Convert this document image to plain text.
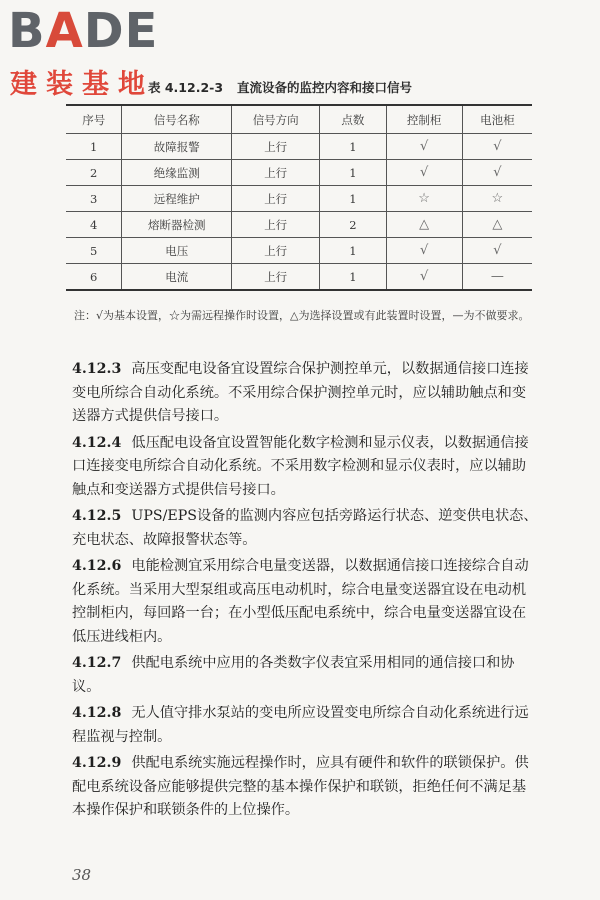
BADE
建装基地
表 4.12.2-3 直流设备的监控内容和接口信号
序号	信号名称	信号方向	点数	控制柜	电池柜
1	故障报警	上行	1	√	√
2	绝缘监测	上行	1	√	√
3	远程维护	上行	1	☆	☆
4	熔断器检测	上行	2	△	△
5	电压	上行	1	√	√
6	电流	上行	1	√	—
注： √为基本设置，☆为需远程操作时设置，△为选择设置或有此装置时设置，—为不做要求。

4.12.3 高压变配电设备宜设置综合保护测控单元，以数据通信接口连接变电所综合自动化系统。不采用综合保护测控单元时，应以辅助触点和变送器方式提供信号接口。

4.12.4 低压配电设备宜设置智能化数字检测和显示仪表，以数据通信接口连接变电所综合自动化系统。不采用数字检测和显示仪表时，应以辅助触点和变送器方式提供信号接口。

4.12.5 UPS/EPS设备的监测内容应包括旁路运行状态、逆变供电状态、充电状态、故障报警状态等。

4.12.6 电能检测宜采用综合电量变送器，以数据通信接口连接综合自动化系统。当采用大型泵组或高压电动机时，综合电量变送器宜设在电动机控制柜内，每回路一台；在小型低压配电系统中，综合电量变送器宜设在低压进线柜内。

4.12.7 供配电系统中应用的各类数字仪表宜采用相同的通信接口和协议。

4.12.8 无人值守排水泵站的变电所应设置变电所综合自动化系统进行远程监视与控制。

4.12.9 供配电系统实施远程操作时，应具有硬件和软件的联锁保护。供配电系统设备应能够提供完整的基本操作保护和联锁，拒绝任何不满足基本操作保护和联锁条件的上位操作。

38
